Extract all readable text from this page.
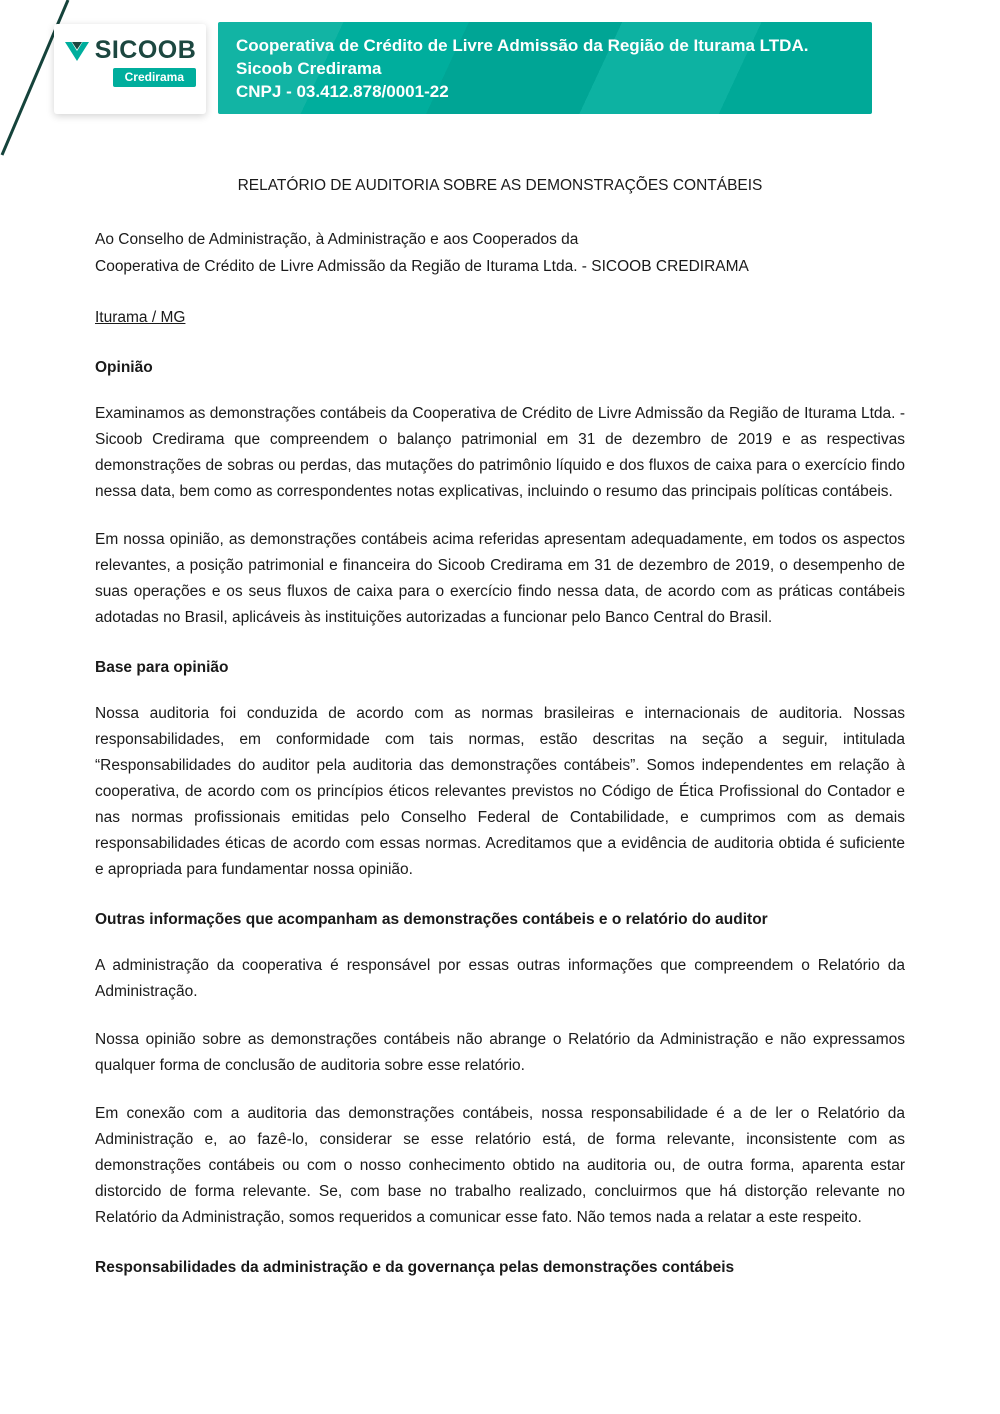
SICOOB
Credirama
Cooperativa de Crédito de Livre Admissão da Região de Iturama LTDA.
Sicoob Credirama
CNPJ - 03.412.878/0001-22
RELATÓRIO DE AUDITORIA SOBRE AS DEMONSTRAÇÕES CONTÁBEIS
Ao Conselho de Administração, à Administração e aos Cooperados da
Cooperativa de Crédito de Livre Admissão da Região de Iturama Ltda. - SICOOB CREDIRAMA
Iturama / MG
Opinião

Examinamos as demonstrações contábeis da Cooperativa de Crédito de Livre Admissão da Região de Iturama Ltda. - Sicoob Credirama que compreendem o balanço patrimonial em 31 de dezembro de 2019 e as respectivas demonstrações de sobras ou perdas, das mutações do patrimônio líquido e dos fluxos de caixa para o exercício findo nessa data, bem como as correspondentes notas explicativas, incluindo o resumo das principais políticas contábeis.

Em nossa opinião, as demonstrações contábeis acima referidas apresentam adequadamente, em todos os aspectos relevantes, a posição patrimonial e financeira do Sicoob Credirama em 31 de dezembro de 2019, o desempenho de suas operações e os seus fluxos de caixa para o exercício findo nessa data, de acordo com as práticas contábeis adotadas no Brasil, aplicáveis às instituições autorizadas a funcionar pelo Banco Central do Brasil.

Base para opinião

Nossa auditoria foi conduzida de acordo com as normas brasileiras e internacionais de auditoria. Nossas responsabilidades, em conformidade com tais normas, estão descritas na seção a seguir, intitulada “Responsabilidades do auditor pela auditoria das demonstrações contábeis”. Somos independentes em relação à cooperativa, de acordo com os princípios éticos relevantes previstos no Código de Ética Profissional do Contador e nas normas profissionais emitidas pelo Conselho Federal de Contabilidade, e cumprimos com as demais responsabilidades éticas de acordo com essas normas. Acreditamos que a evidência de auditoria obtida é suficiente e apropriada para fundamentar nossa opinião.

Outras informações que acompanham as demonstrações contábeis e o relatório do auditor

A administração da cooperativa é responsável por essas outras informações que compreendem o Relatório da Administração.

Nossa opinião sobre as demonstrações contábeis não abrange o Relatório da Administração e não expressamos qualquer forma de conclusão de auditoria sobre esse relatório.

Em conexão com a auditoria das demonstrações contábeis, nossa responsabilidade é a de ler o Relatório da Administração e, ao fazê-lo, considerar se esse relatório está, de forma relevante, inconsistente com as demonstrações contábeis ou com o nosso conhecimento obtido na auditoria ou, de outra forma, aparenta estar distorcido de forma relevante. Se, com base no trabalho realizado, concluirmos que há distorção relevante no Relatório da Administração, somos requeridos a comunicar esse fato. Não temos nada a relatar a este respeito.

Responsabilidades da administração e da governança pelas demonstrações contábeis
